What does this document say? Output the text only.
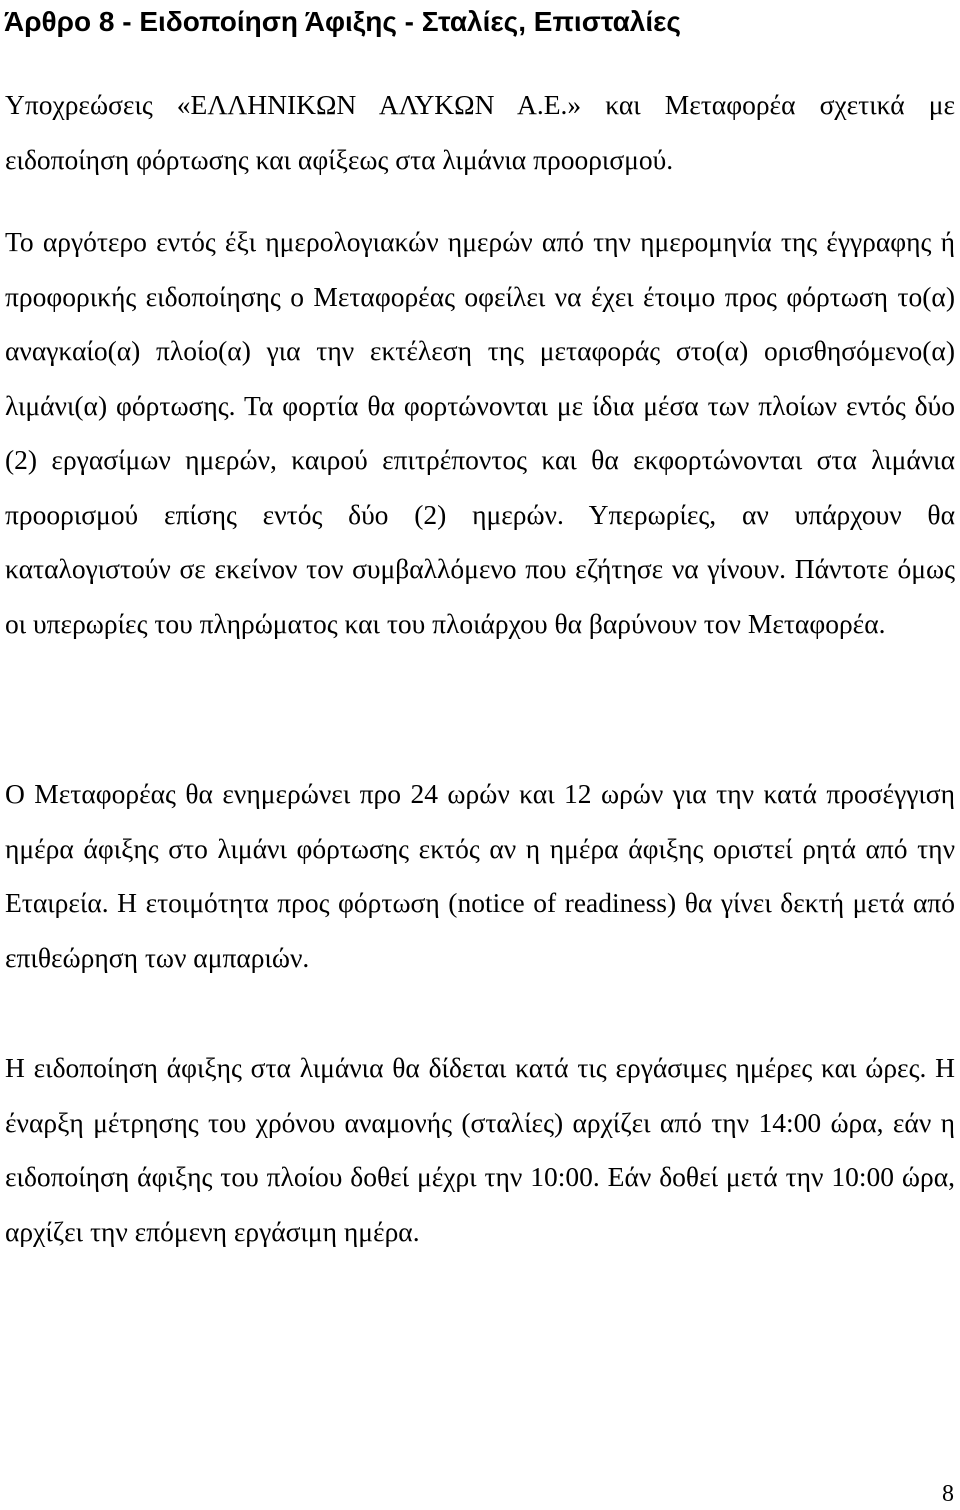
Άρθρο 8 - Ειδοποίηση Άφιξης - Σταλίες, Επισταλίες

Υποχρεώσεις «ΕΛΛΗΝΙΚΩΝ ΑΛΥΚΩΝ Α.Ε.» και Μεταφορέα σχετικά με ειδοποίηση φόρτωσης και αφίξεως στα λιμάνια προορισμού.

Το αργότερο εντός έξι ημερολογιακών ημερών από την ημερομηνία της έγγραφης ή προφορικής ειδοποίησης ο Μεταφορέας οφείλει να έχει έτοιμο προς φόρτωση το(α) αναγκαίο(α) πλοίο(α) για την εκτέλεση της μεταφοράς στο(α) ορισθησόμενο(α) λιμάνι(α) φόρτωσης. Τα φορτία θα φορτώνονται με ίδια μέσα των πλοίων εντός δύο (2) εργασίμων ημερών, καιρού επιτρέποντος και θα εκφορτώνονται στα λιμάνια προορισμού επίσης εντός δύο (2) ημερών. Υπερωρίες, αν υπάρχουν θα καταλογιστούν σε εκείνον τον συμβαλλόμενο που εζήτησε να γίνουν. Πάντοτε όμως οι υπερωρίες του πληρώματος και του πλοιάρχου θα βαρύνουν τον Μεταφορέα.

Ο Μεταφορέας θα ενημερώνει προ 24 ωρών και 12 ωρών για την κατά προσέγγιση ημέρα άφιξης στο λιμάνι φόρτωσης εκτός αν η ημέρα άφιξης οριστεί ρητά από την Εταιρεία. Η ετοιμότητα προς φόρτωση (notice of readiness) θα γίνει δεκτή μετά από επιθεώρηση των αμπαριών.

Η ειδοποίηση άφιξης στα λιμάνια θα δίδεται κατά τις εργάσιμες ημέρες και ώρες. Η έναρξη μέτρησης του χρόνου αναμονής (σταλίες) αρχίζει από την 14:00 ώρα, εάν η ειδοποίηση άφιξης του πλοίου δοθεί μέχρι την 10:00. Εάν δοθεί μετά την 10:00 ώρα, αρχίζει την επόμενη εργάσιμη ημέρα.

8
